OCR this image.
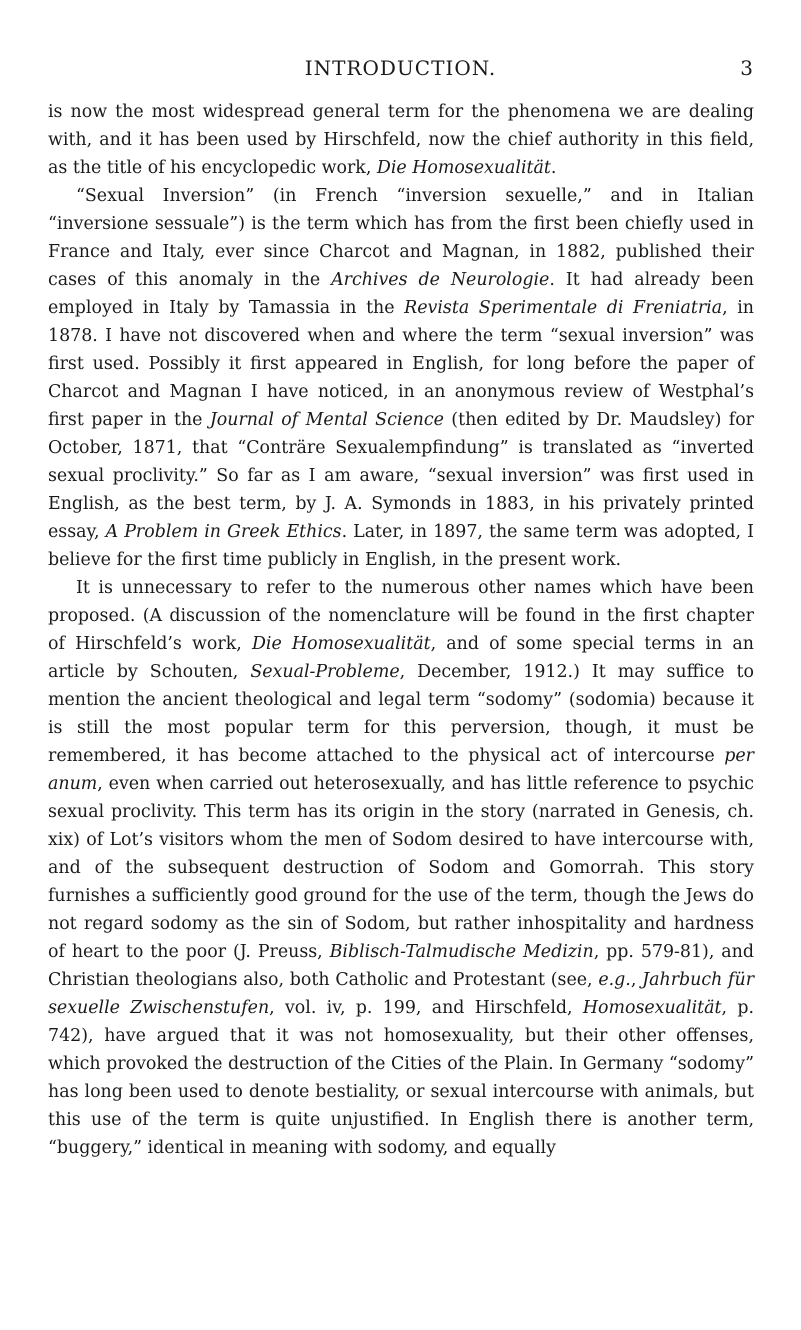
INTRODUCTION.	3

is now the most widespread general term for the phenomena we are dealing with, and it has been used by Hirschfeld, now the chief authority in this field, as the title of his encyclopedic work, Die Homosexualität.

“Sexual Inversion” (in French “inversion sexuelle,” and in Italian “inversione sessuale”) is the term which has from the first been chiefly used in France and Italy, ever since Charcot and Magnan, in 1882, published their cases of this anomaly in the Archives de Neurologie. It had already been employed in Italy by Tamassia in the Revista Sperimentale di Freniatria, in 1878. I have not discovered when and where the term “sexual inversion” was first used. Possibly it first appeared in English, for long before the paper of Charcot and Magnan I have noticed, in an anonymous review of Westphal’s first paper in the Journal of Mental Science (then edited by Dr. Maudsley) for October, 1871, that “Conträre Sexualempfindung” is translated as “inverted sexual proclivity.” So far as I am aware, “sexual inversion” was first used in English, as the best term, by J. A. Symonds in 1883, in his privately printed essay, A Problem in Greek Ethics. Later, in 1897, the same term was adopted, I believe for the first time publicly in English, in the present work.

It is unnecessary to refer to the numerous other names which have been proposed. (A discussion of the nomenclature will be found in the first chapter of Hirschfeld’s work, Die Homosexualität, and of some special terms in an article by Schouten, Sexual-Probleme, December, 1912.) It may suffice to mention the ancient theological and legal term “sodomy” (sodomia) because it is still the most popular term for this perversion, though, it must be remembered, it has become attached to the physical act of intercourse per anum, even when carried out heterosexually, and has little reference to psychic sexual proclivity. This term has its origin in the story (narrated in Genesis, ch. xix) of Lot’s visitors whom the men of Sodom desired to have intercourse with, and of the subsequent destruction of Sodom and Gomorrah. This story furnishes a sufficiently good ground for the use of the term, though the Jews do not regard sodomy as the sin of Sodom, but rather inhospitality and hardness of heart to the poor (J. Preuss, Biblisch-Talmudische Medizin, pp. 579-81), and Christian theologians also, both Catholic and Protestant (see, e.g., Jahrbuch für sexuelle Zwischenstufen, vol. iv, p. 199, and Hirschfeld, Homosexualität, p. 742), have argued that it was not homosexuality, but their other offenses, which provoked the destruction of the Cities of the Plain. In Germany “sodomy” has long been used to denote bestiality, or sexual intercourse with animals, but this use of the term is quite unjustified. In English there is another term, “buggery,” identical in meaning with sodomy, and equally
